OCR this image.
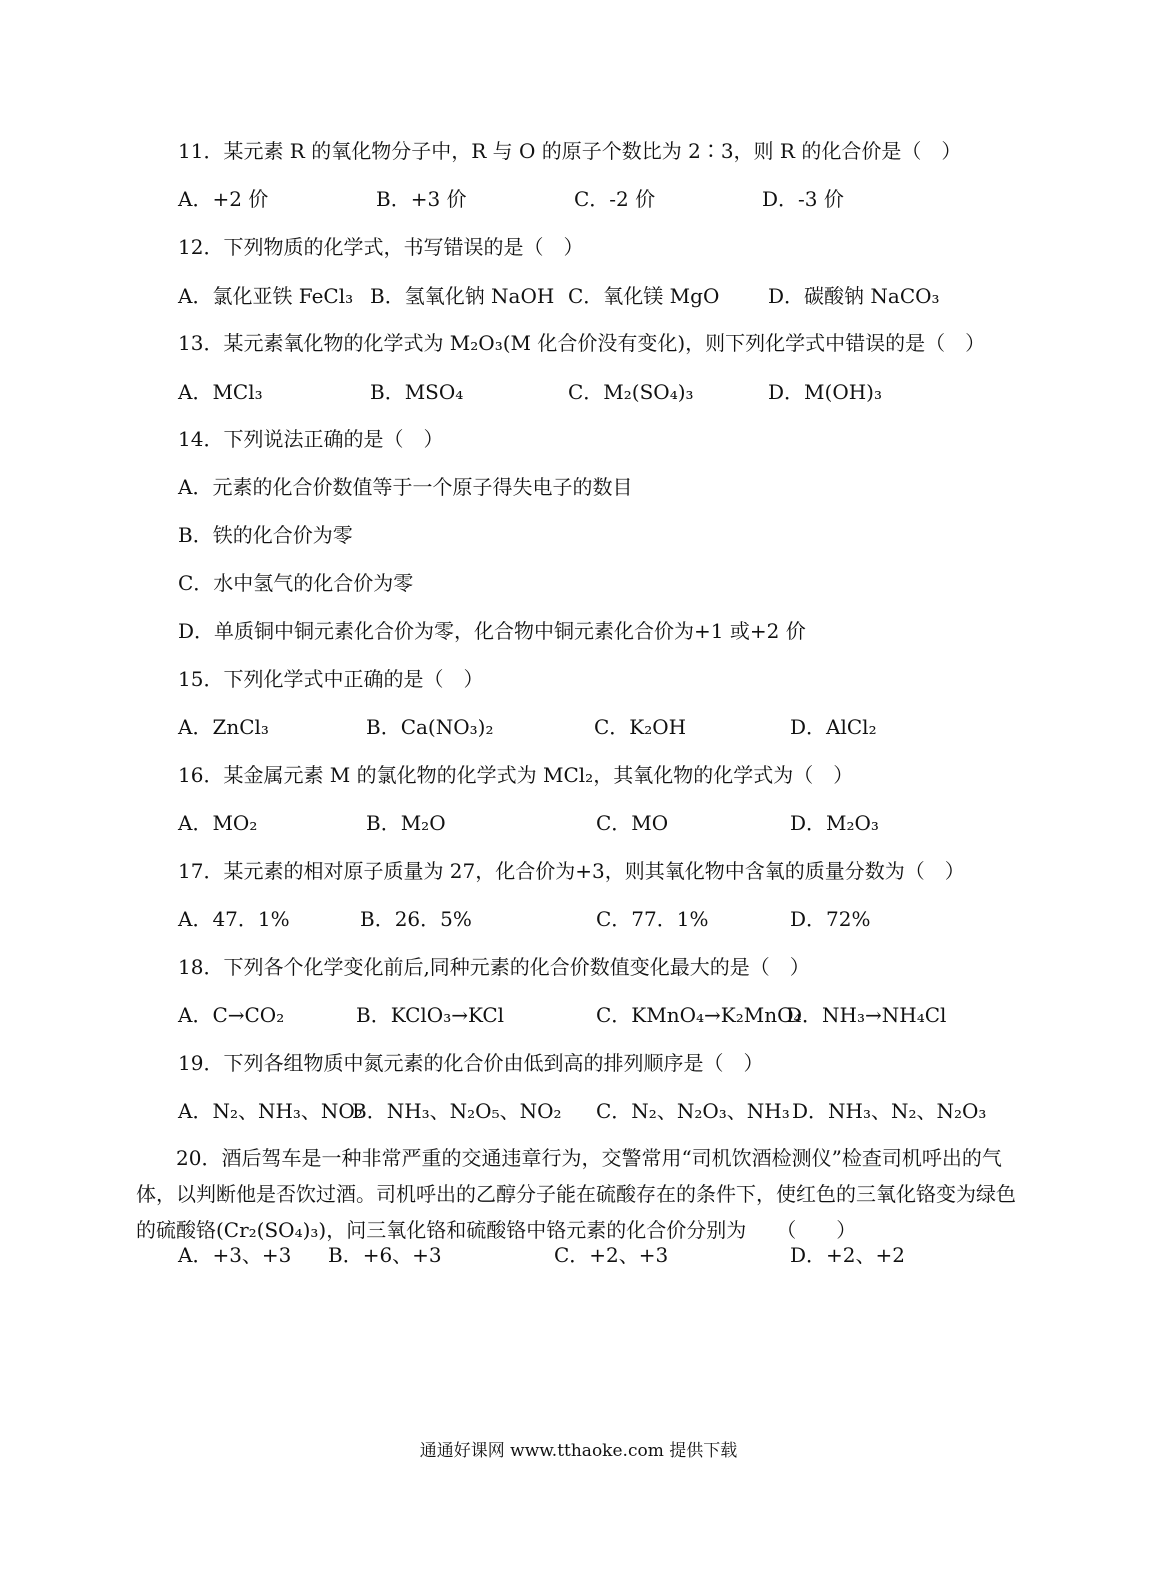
11．某元素 R 的氧化物分子中，R 与 O 的原子个数比为 2∶3，则 R 的化合价是（　）
A．+2 价	B．+3 价	C．-2 价	D．-3 价
12．下列物质的化学式，书写错误的是（　）
A．氯化亚铁 FeCl₃ B．氢氧化钠 NaOH C．氧化镁 MgO D．碳酸钠 NaCO₃
13．某元素氧化物的化学式为 M₂O₃(M 化合价没有变化)，则下列化学式中错误的是（　）
A．MCl₃	B．MSO₄	C．M₂(SO₄)₃	D．M(OH)₃
14．下列说法正确的是（　）
A．元素的化合价数值等于一个原子得失电子的数目
B．铁的化合价为零
C．水中氢气的化合价为零
D．单质铜中铜元素化合价为零，化合物中铜元素化合价为+1 或+2 价
15．下列化学式中正确的是（　）
A．ZnCl₃	B．Ca(NO₃)₂	C．K₂OH	D．AlCl₂
16．某金属元素 M 的氯化物的化学式为 MCl₂，其氧化物的化学式为（　）
A．MO₂	B．M₂O	C．MO	D．M₂O₃
17．某元素的相对原子质量为 27，化合价为+3，则其氧化物中含氧的质量分数为（　）
A．47．1%	B．26．5%	C．77．1%	D．72%
18．下列各个化学变化前后,同种元素的化合价数值变化最大的是（　）
A．C→CO₂	B．KClO₃→KCl	C．KMnO₄→K₂MnO₄
D．NH₃→NH₄Cl
19．下列各组物质中氮元素的化合价由低到高的排列顺序是（　）
A．N₂、NH₃、NO₂
B．NH₃、N₂O₅、NO₂ C．N₂、N₂O₃、NH₃ D．NH₃、N₂、N₂O₃
20．酒后驾车是一种非常严重的交通违章行为，交警常用“司机饮酒检测仪”检查司机呼出的气体，以判断他是否饮过酒。司机呼出的乙醇分子能在硫酸存在的条件下，使红色的三氧化铬变为绿色的硫酸铬(Cr₂(SO₄)₃)，问三氧化铬和硫酸铬中铬元素的化合价分别为　　（　　）
A．+3、+3 B．+6、+3	C．+2、+3	D．+2、+2
通通好课网 www.tthaoke.com 提供下载
